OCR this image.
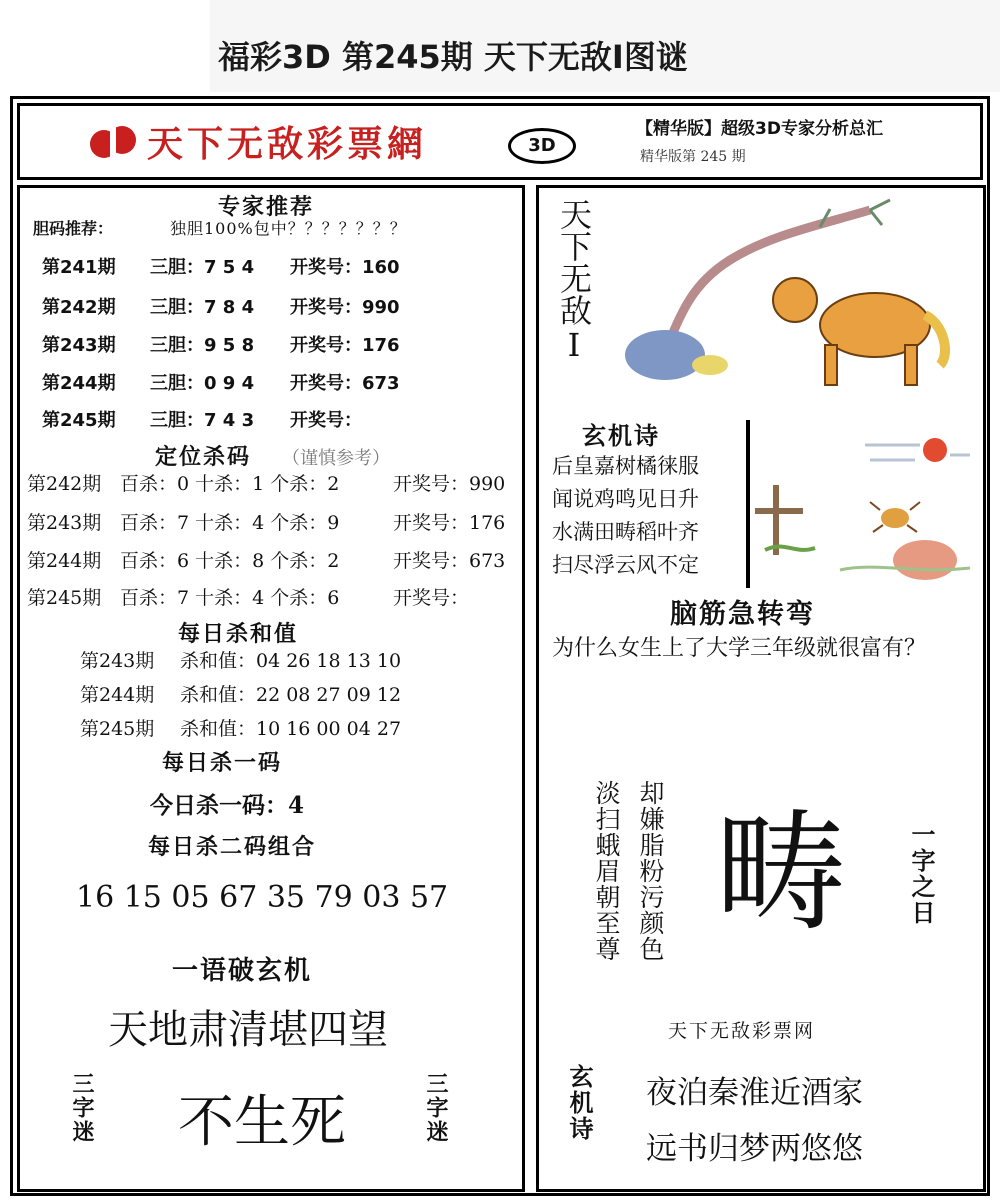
福彩3D 第245期 天下无敌Ⅰ图谜
天下无敌彩票網	3D
【精华版】超级3D专家分析总汇
精华版第 245 期
专家推荐
胆码推荐：	独胆100%包中？？？？？？？
第241期 三胆：7 5 4 开奖号：160
第242期 三胆：7 8 4 开奖号：990
第243期 三胆：9 5 8 开奖号：176
第244期 三胆：0 9 4 开奖号：673
第245期 三胆：7 4 3 开奖号：
定位杀码 （谨慎参考）
第242期 百杀：0 十杀：1 个杀：2	开奖号：990
第243期 百杀：7 十杀：4 个杀：9	开奖号：176
第244期 百杀：6 十杀：8 个杀：2	开奖号：673
第245期 百杀：7 十杀：4 个杀：6	开奖号：
每日杀和值
第243期 杀和值：04 26 18 13 10
第244期 杀和值：22 08 27 09 12
第245期 杀和值：10 16 00 04 27
每日杀一码
今日杀一码：4
每日杀二码组合
16 15 05 67 35 79 03 57
一语破玄机
天地肃清堪四望
三字迷 不生死	三字迷
天下无敌Ⅰ
玄机诗
后皇嘉树橘徕服
闻说鸡鸣见日升
水满田畴稻叶齐
扫尽浮云风不定
脑筋急转弯
为什么女生上了大学三年级就很富有？
淡扫蛾眉朝至尊 却嫌脂粉污颜色 畴	一字之日
天下无敌彩票网
玄机诗 夜泊秦淮近酒家
远书归梦两悠悠
